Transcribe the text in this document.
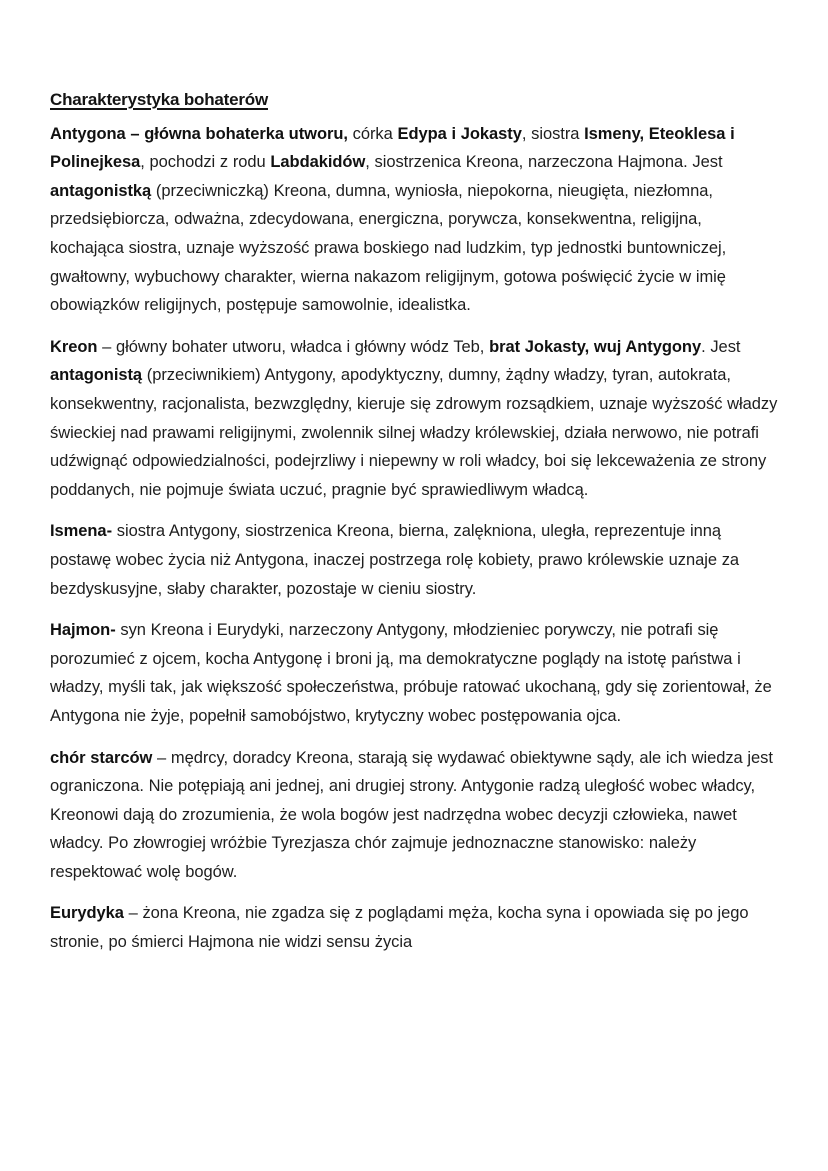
Charakterystyka bohaterów

Antygona – główna bohaterka utworu, córka Edypa i Jokasty, siostra Ismeny, Eteoklesa i Polinejkesa, pochodzi z rodu Labdakidów, siostrzenica Kreona, narzeczona Hajmona. Jest antagonistką (przeciwniczką) Kreona, dumna, wyniosła, niepokorna, nieugięta, niezłomna, przedsiębiorcza, odważna, zdecydowana, energiczna, porywcza, konsekwentna, religijna, kochająca siostra, uznaje wyższość prawa boskiego nad ludzkim, typ jednostki buntowniczej, gwałtowny, wybuchowy charakter, wierna nakazom religijnym, gotowa poświęcić życie w imię obowiązków religijnych, postępuje samowolnie, idealistka.

Kreon – główny bohater utworu, władca i główny wódz Teb, brat Jokasty, wuj Antygony. Jest antagonistą (przeciwnikiem) Antygony, apodyktyczny, dumny, żądny władzy, tyran, autokrata, konsekwentny, racjonalista, bezwzględny, kieruje się zdrowym rozsądkiem, uznaje wyższość władzy świeckiej nad prawami religijnymi, zwolennik silnej władzy królewskiej, działa nerwowo, nie potrafi udźwignąć odpowiedzialności, podejrzliwy i niepewny w roli władcy, boi się lekceważenia ze strony poddanych, nie pojmuje świata uczuć, pragnie być sprawiedliwym władcą.

Ismena- siostra Antygony, siostrzenica Kreona, bierna, zalękniona, uległa, reprezentuje inną postawę wobec życia niż Antygona, inaczej postrzega rolę kobiety, prawo królewskie uznaje za bezdyskusyjne, słaby charakter, pozostaje w cieniu siostry.

Hajmon- syn Kreona i Eurydyki, narzeczony Antygony, młodzieniec porywczy, nie potrafi się porozumieć z ojcem, kocha Antygonę i broni ją, ma demokratyczne poglądy na istotę państwa i władzy, myśli tak, jak większość społeczeństwa, próbuje ratować ukochaną, gdy się zorientował, że Antygona nie żyje, popełnił samobójstwo, krytyczny wobec postępowania ojca.

chór starców – mędrcy, doradcy Kreona, starają się wydawać obiektywne sądy, ale ich wiedza jest ograniczona. Nie potępiają ani jednej, ani drugiej strony. Antygonie radzą uległość wobec władcy, Kreonowi dają do zrozumienia, że wola bogów jest nadrzędna wobec decyzji człowieka, nawet władcy. Po złowrogiej wróżbie Tyrezjasza chór zajmuje jednoznaczne stanowisko: należy respektować wolę bogów.

Eurydyka – żona Kreona, nie zgadza się z poglądami męża, kocha syna i opowiada się po jego stronie, po śmierci Hajmona nie widzi sensu życia
